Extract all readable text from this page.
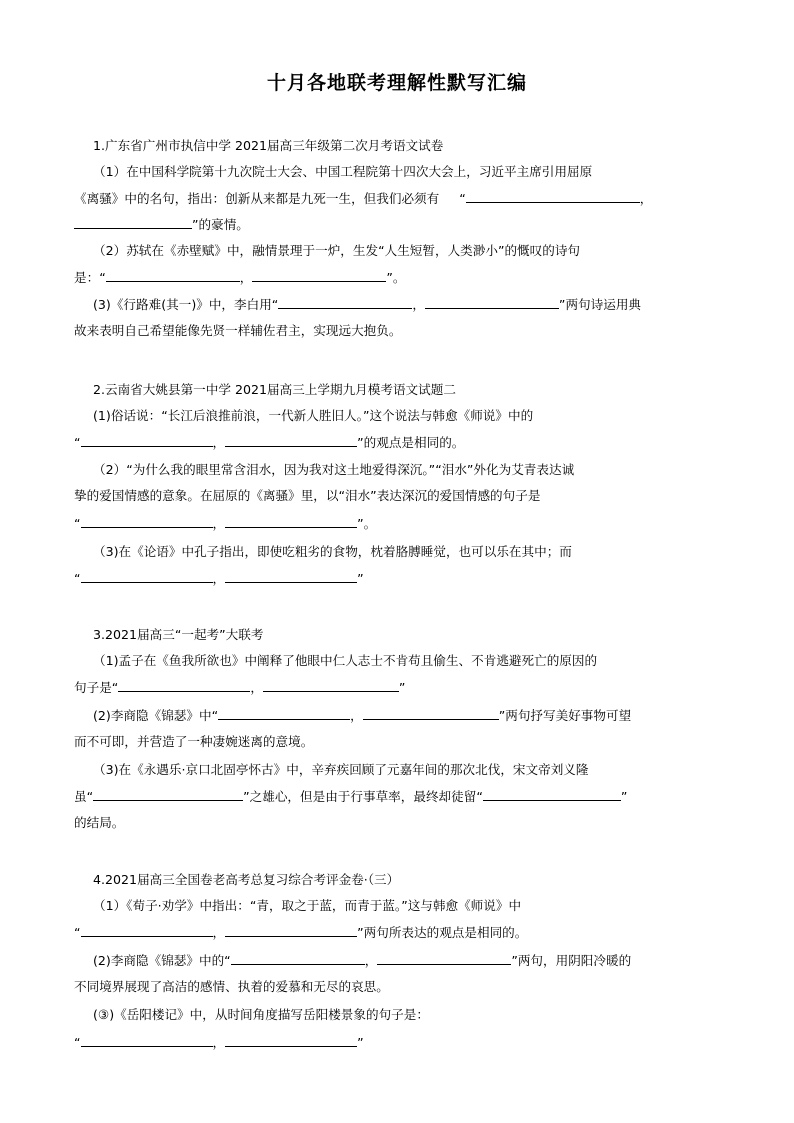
十月各地联考理解性默写汇编
1.广东省广州市执信中学 2021届高三年级第二次月考语文试卷
（1）在中国科学院第十九次院士大会、中国工程院第十四次大会上，习近平主席引用屈原
《离骚》中的名句，指出：创新从来都是九死一生，但我们必须有 “	，
”的豪情。
（2）苏轼在《赤壁赋》中，融情景理于一炉，生发“人生短暂，人类渺小”的慨叹的诗句
是：“	，	”。
(3)《行路难(其一)》中，李白用“	，	”两句诗运用典
故来表明自己希望能像先贤一样辅佐君主，实现远大抱负。
2.云南省大姚县第一中学 2021届高三上学期九月模考语文试题二
(1)俗话说：“长江后浪推前浪，一代新人胜旧人。”这个说法与韩愈《师说》中的
“	，	”的观点是相同的。
（2）“为什么我的眼里常含泪水，因为我对这土地爱得深沉。”“泪水”外化为艾青表达诚
挚的爱国情感的意象。在屈原的《离骚》里，以“泪水”表达深沉的爱国情感的句子是
“	，	”。
（3)在《论语》中孔子指出，即使吃粗劣的食物，枕着胳膊睡觉，也可以乐在其中；而
“	，	”
3.2021届高三“一起考”大联考
（1)孟子在《鱼我所欲也》中阐释了他眼中仁人志士不肯苟且偷生、不肯逃避死亡的原因的
句子是“	，	”
(2)李商隐《锦瑟》中“	，	”两句抒写美好事物可望
而不可即，并营造了一种凄婉迷离的意境。
（3)在《永遇乐·京口北固亭怀古》中，辛弃疾回顾了元嘉年间的那次北伐，宋文帝刘义隆
虽“	”之雄心，但是由于行事草率，最终却徒留“	”
的结局。
4.2021届高三全国卷老高考总复习综合考评金卷·（三）
（1）《荀子·劝学》中指出：“青，取之于蓝，而青于蓝。”这与韩愈《师说》中
“	，	”两句所表达的观点是相同的。
(2)李商隐《锦瑟》中的“	，	”两句，用阴阳冷暖的
不同境界展现了高洁的感情、执着的爱慕和无尽的哀思。
(③)《岳阳楼记》中，从时间角度描写岳阳楼景象的句子是：
“	，	”
